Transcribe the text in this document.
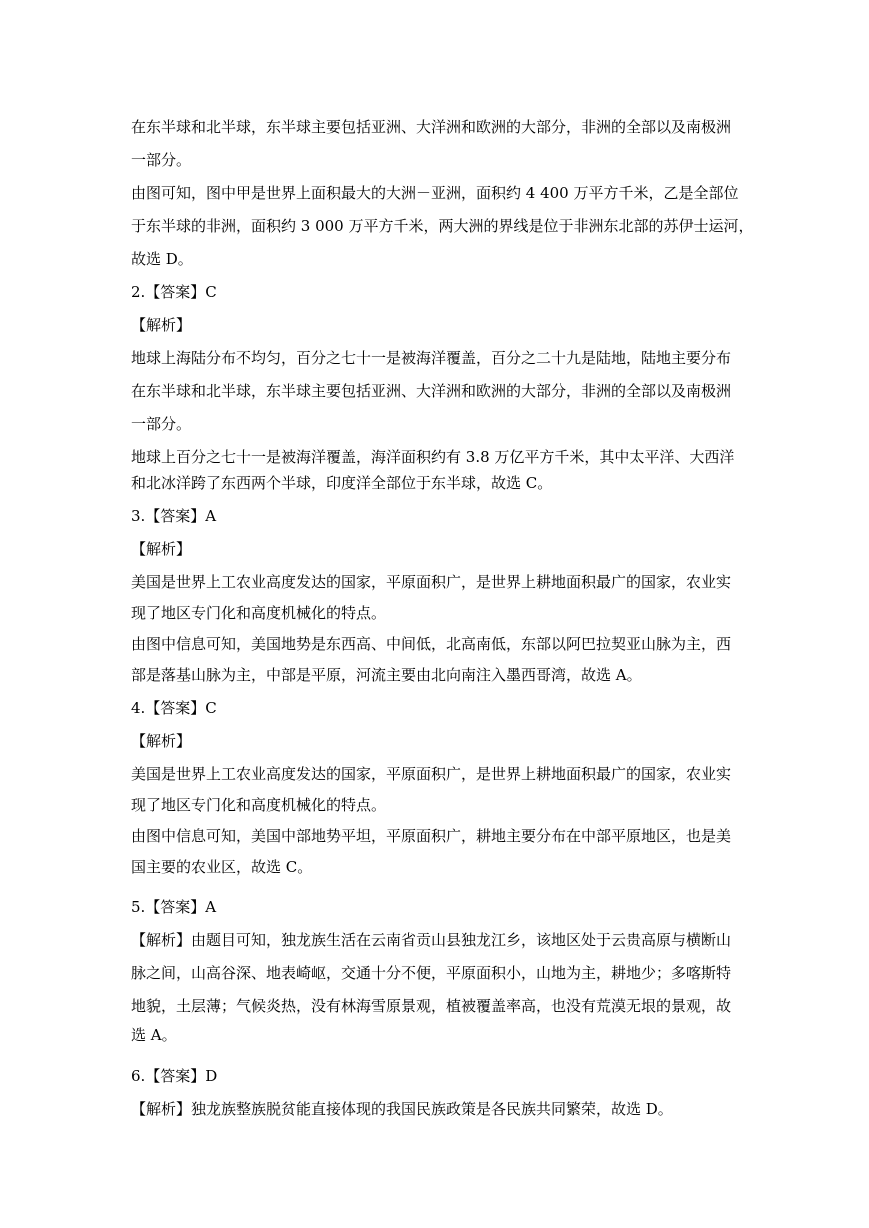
在东半球和北半球，东半球主要包括亚洲、大洋洲和欧洲的大部分，非洲的全部以及南极洲
一部分。
由图可知，图中甲是世界上面积最大的大洲－亚洲，面积约 4 400 万平方千米，乙是全部位
于东半球的非洲，面积约 3 000 万平方千米，两大洲的界线是位于非洲东北部的苏伊士运河，
故选 D。
2.【答案】C
【解析】
地球上海陆分布不均匀，百分之七十一是被海洋覆盖，百分之二十九是陆地，陆地主要分布
在东半球和北半球，东半球主要包括亚洲、大洋洲和欧洲的大部分，非洲的全部以及南极洲
一部分。
地球上百分之七十一是被海洋覆盖，海洋面积约有 3.8 万亿平方千米，其中太平洋、大西洋
和北冰洋跨了东西两个半球，印度洋全部位于东半球，故选 C。
3.【答案】A
【解析】
美国是世界上工农业高度发达的国家，平原面积广，是世界上耕地面积最广的国家，农业实
现了地区专门化和高度机械化的特点。
由图中信息可知，美国地势是东西高、中间低，北高南低，东部以阿巴拉契亚山脉为主，西
部是落基山脉为主，中部是平原，河流主要由北向南注入墨西哥湾，故选 A。
4.【答案】C
【解析】
美国是世界上工农业高度发达的国家，平原面积广，是世界上耕地面积最广的国家，农业实
现了地区专门化和高度机械化的特点。
由图中信息可知，美国中部地势平坦，平原面积广，耕地主要分布在中部平原地区，也是美
国主要的农业区，故选 C。
5.【答案】A
【解析】由题目可知，独龙族生活在云南省贡山县独龙江乡，该地区处于云贵高原与横断山
脉之间，山高谷深、地表崎岖，交通十分不便，平原面积小，山地为主，耕地少；多喀斯特
地貌，土层薄；气候炎热，没有林海雪原景观，植被覆盖率高，也没有荒漠无垠的景观，故
选 A。
6.【答案】D
【解析】独龙族整族脱贫能直接体现的我国民族政策是各民族共同繁荣，故选 D。
